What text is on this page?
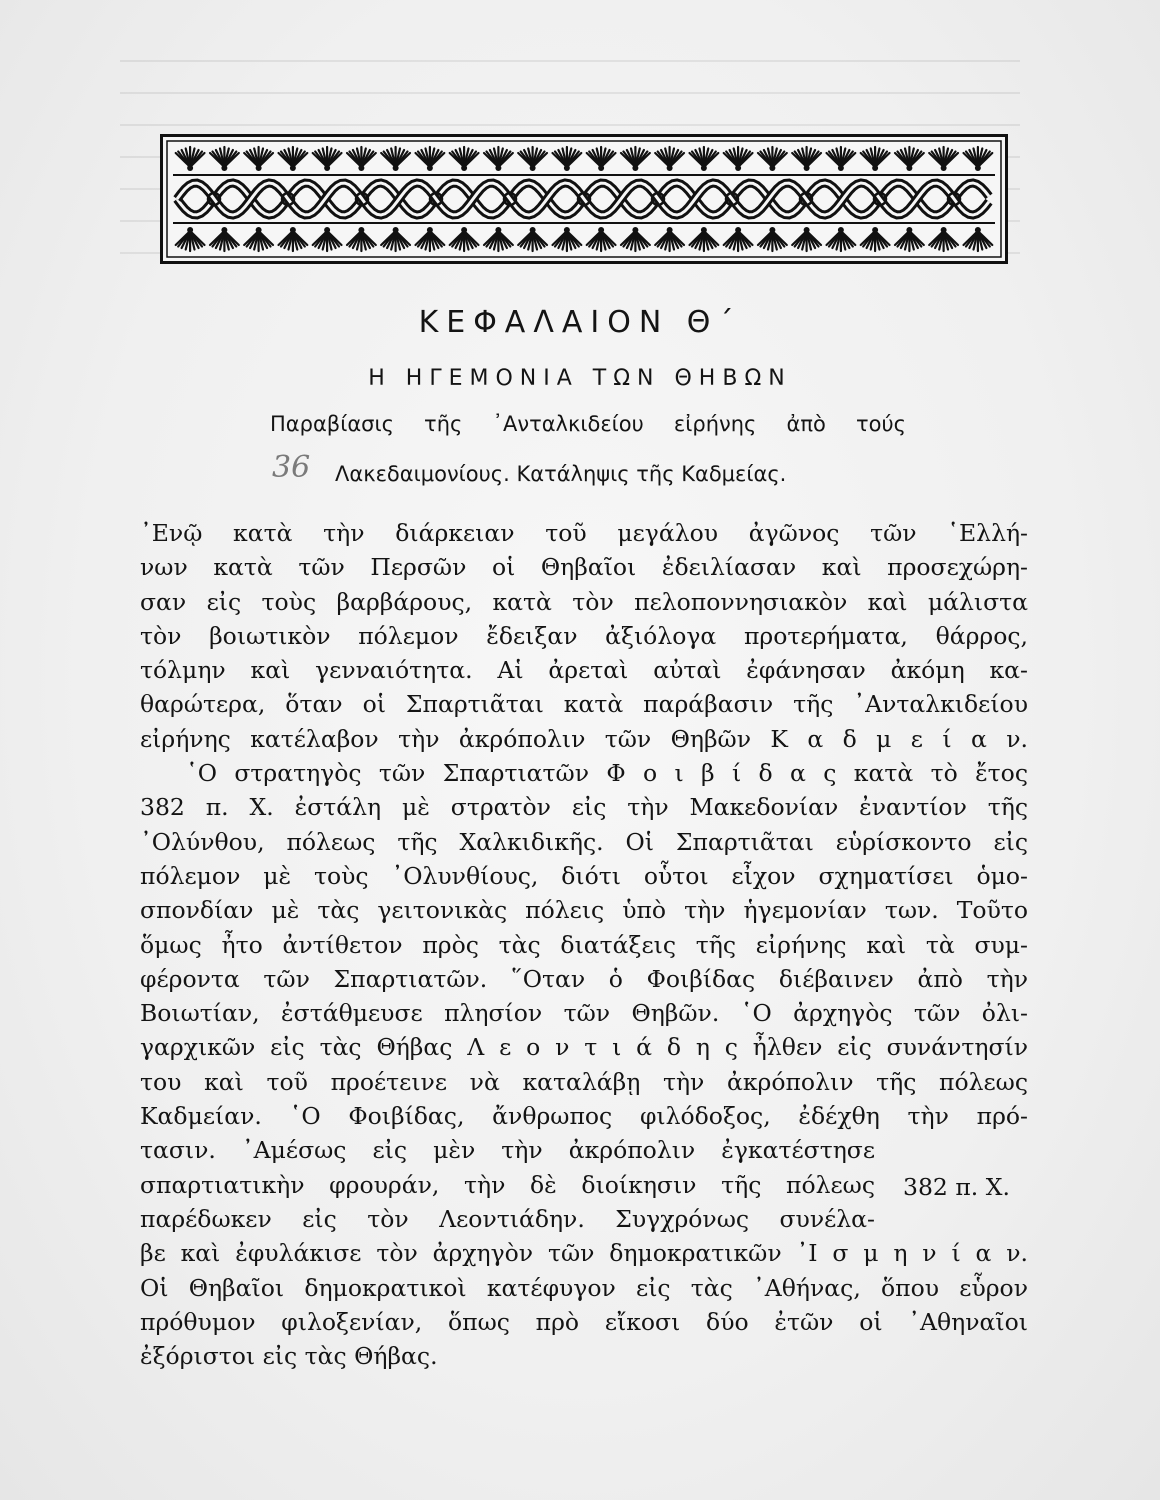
ΚΕΦΑΛΑΙΟΝ Θ΄
Η ΗΓΕΜΟΝΙΑ ΤΩΝ ΘΗΒΩΝ
Παραβίασις τῆς ᾿Ανταλκιδείου εἰρήνης ἀπὸ τούς
36 Λακεδαιμονίους. Κατάληψις τῆς Καδμείας.
᾿Ενῷ κατὰ τὴν διάρκειαν τοῦ μεγάλου ἀγῶνος τῶν ῾Ελλή-
νων κατὰ τῶν Περσῶν οἱ Θηβαῖοι ἐδειλίασαν καὶ προσεχώρη-
σαν εἰς τοὺς βαρβάρους, κατὰ τὸν πελοποννησιακὸν καὶ μάλιστα
τὸν βοιωτικὸν πόλεμον ἔδειξαν ἀξιόλογα προτερήματα, θάρρος,
τόλμην καὶ γενναιότητα. Αἱ ἀρεταὶ αὐταὶ ἐφάνησαν ἀκόμη κα-
θαρώτερα, ὅταν οἱ Σπαρτιᾶται κατὰ παράβασιν τῆς ᾿Ανταλκιδείου
εἰρήνης κατέλαβον τὴν ἀκρόπολιν τῶν Θηβῶν Κ α δ μ ε ί α ν.
῾Ο στρατηγὸς τῶν Σπαρτιατῶν Φ ο ι β ί δ α ς κατὰ τὸ ἔτος
382 π. Χ. ἐστάλη μὲ στρατὸν εἰς τὴν Μακεδονίαν ἐναντίον τῆς
᾿Ολύνθου, πόλεως τῆς Χαλκιδικῆς. Οἱ Σπαρτιᾶται εὑρίσκοντο εἰς
πόλεμον μὲ τοὺς ᾿Ολυνθίους, διότι οὗτοι εἶχον σχηματίσει ὁμο-
σπονδίαν μὲ τὰς γειτονικὰς πόλεις ὑπὸ τὴν ἡγεμονίαν των. Τοῦτο
ὅμως ἦτο ἀντίθετον πρὸς τὰς διατάξεις τῆς εἰρήνης καὶ τὰ συμ-
φέροντα τῶν Σπαρτιατῶν. ῞Οταν ὁ Φοιβίδας διέβαινεν ἀπὸ τὴν
Βοιωτίαν, ἐστάθμευσε πλησίον τῶν Θηβῶν. ῾Ο ἀρχηγὸς τῶν ὀλι-
γαρχικῶν εἰς τὰς Θήβας Λ ε ο ν τ ι ά δ η ς ἦλθεν εἰς συνάντησίν
του καὶ τοῦ προέτεινε νὰ καταλάβῃ τὴν ἀκρόπολιν τῆς πόλεως
Καδμείαν. ῾Ο Φοιβίδας, ἄνθρωπος φιλόδοξος, ἐδέχθη τὴν πρό-
τασιν. ᾿Αμέσως εἰς μὲν τὴν ἀκρόπολιν ἐγκατέστησε
σπαρτιατικὴν φρουράν, τὴν δὲ διοίκησιν τῆς πόλεως
παρέδωκεν εἰς τὸν Λεοντιάδην. Συγχρόνως συνέλα-
βε καὶ ἐφυλάκισε τὸν ἀρχηγὸν τῶν δημοκρατικῶν ᾿Ι σ μ η ν ί α ν.
Οἱ Θηβαῖοι δημοκρατικοὶ κατέφυγον εἰς τὰς ᾿Αθήνας, ὅπου εὗρον
πρόθυμον φιλοξενίαν, ὅπως πρὸ εἴκοσι δύο ἐτῶν οἱ ᾿Αθηναῖοι
ἐξόριστοι εἰς τὰς Θήβας.
382 π. Χ.
